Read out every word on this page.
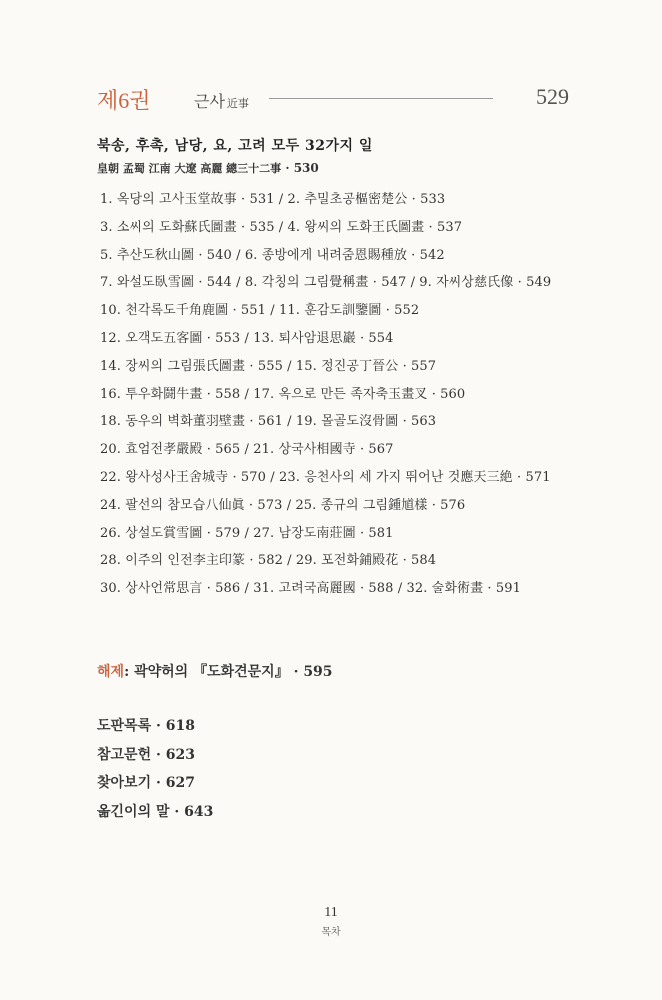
제6권	근사 近事	529
북송, 후촉, 남당, 요, 고려 모두 32가지 일
皇朝 孟蜀 江南 大遼 高麗 總三十二事 · 530
1. 옥당의 고사玉堂故事 · 531 / 2. 추밀초공樞密楚公 · 533
3. 소씨의 도화蘇氏圖畫 · 535 / 4. 왕씨의 도화王氏圖畫 · 537
5. 추산도秋山圖 · 540 / 6. 종방에게 내려줌恩賜種放 · 542
7. 와설도臥雪圖 · 544 / 8. 각칭의 그림覺稱畫 · 547 / 9. 자씨상慈氏像 · 549
10. 천각록도千角鹿圖 · 551 / 11. 훈감도訓鑒圖 · 552
12. 오객도五客圖 · 553 / 13. 퇴사암退思巖 · 554
14. 장씨의 그림張氏圖畫 · 555 / 15. 정진공丁晉公 · 557
16. 투우화鬪牛畫 · 558 / 17. 옥으로 만든 족자축玉畫叉 · 560
18. 동우의 벽화董羽壁畫 · 561 / 19. 몰골도沒骨圖 · 563
20. 효엄전孝嚴殿 · 565 / 21. 상국사相國寺 · 567
22. 왕사성사王舍城寺 · 570 / 23. 응천사의 세 가지 뛰어난 것應天三絶 · 571
24. 팔선의 참모습八仙眞 · 573 / 25. 종규의 그림鍾馗樣 · 576
26. 상설도賞雪圖 · 579 / 27. 남장도南莊圖 · 581
28. 이주의 인전李主印篆 · 582 / 29. 포전화鋪殿花 · 584
30. 상사언常思言 · 586 / 31. 고려국高麗國 · 588 / 32. 술화術畫 · 591
해제: 곽약허의 『도화견문지』 · 595
도판목록 · 618
참고문헌 · 623
찾아보기 · 627
옮긴이의 말 · 643
11
목차
